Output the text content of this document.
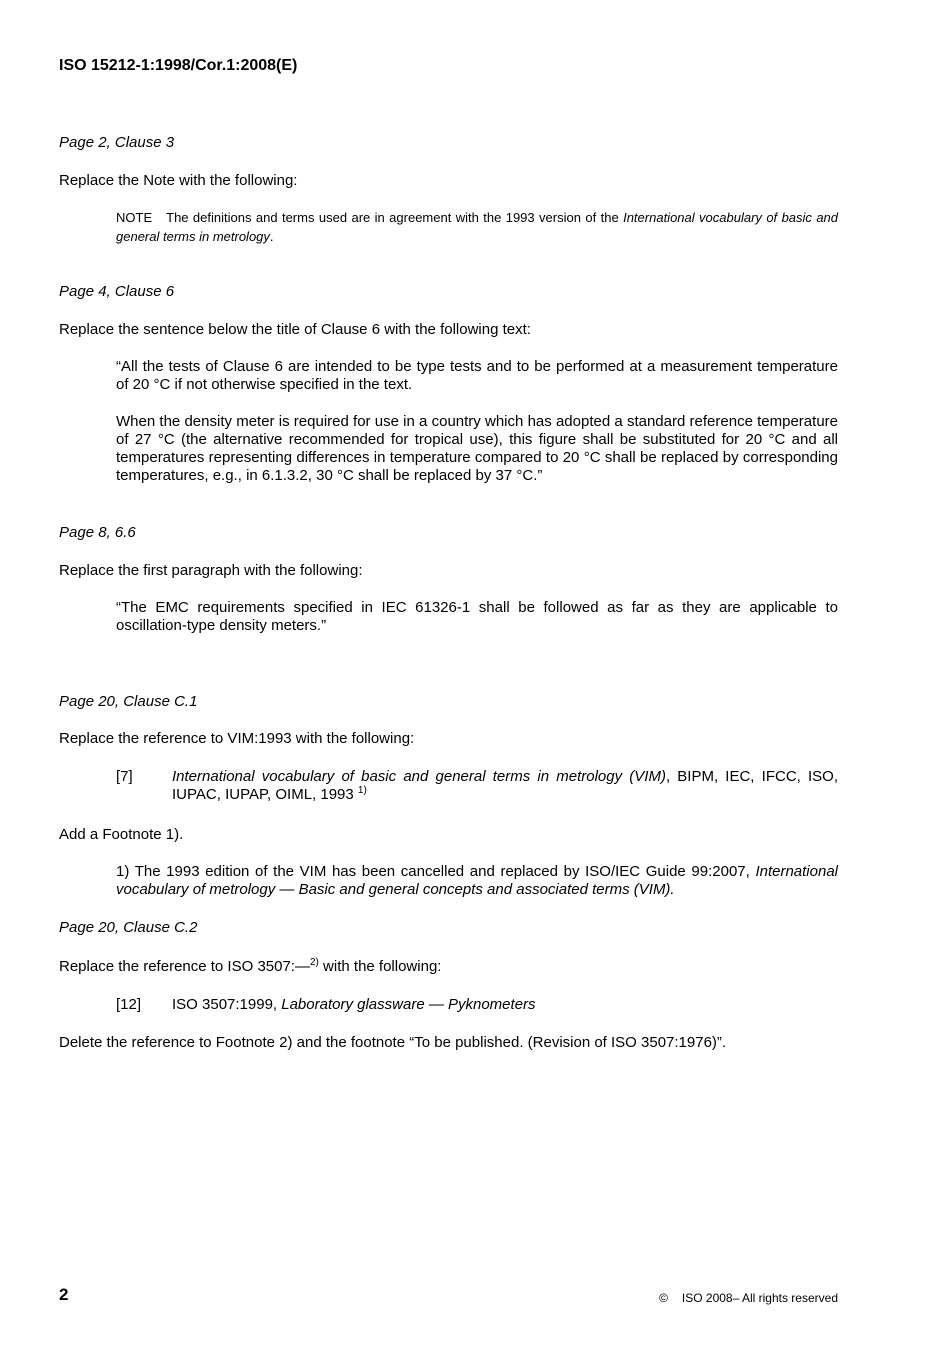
ISO 15212-1:1998/Cor.1:2008(E)
Page 2, Clause 3
Replace the Note with the following:
NOTE The definitions and terms used are in agreement with the 1993 version of the International vocabulary of basic and general terms in metrology.
Page 4, Clause 6
Replace the sentence below the title of Clause 6 with the following text:
“All the tests of Clause 6 are intended to be type tests and to be performed at a measurement temperature of 20 °C if not otherwise specified in the text.
When the density meter is required for use in a country which has adopted a standard reference temperature of 27 °C (the alternative recommended for tropical use), this figure shall be substituted for 20 °C and all temperatures representing differences in temperature compared to 20 °C shall be replaced by corresponding temperatures, e.g., in 6.1.3.2, 30 °C shall be replaced by 37 °C.”
Page 8, 6.6
Replace the first paragraph with the following:
“The EMC requirements specified in IEC 61326-1 shall be followed as far as they are applicable to oscillation-type density meters.”
Page 20, Clause C.1
Replace the reference to VIM:1993 with the following:
[7]	International vocabulary of basic and general terms in metrology (VIM), BIPM, IEC, IFCC, ISO, IUPAC, IUPAP, OIML, 1993 $^{1)}$
Add a Footnote 1).
1) The 1993 edition of the VIM has been cancelled and replaced by ISO/IEC Guide 99:2007, International vocabulary of metrology — Basic and general concepts and associated terms (VIM).
Page 20, Clause C.2
Replace the reference to ISO 3507:—$^{2)}$ with the following:
[12] ISO 3507:1999, Laboratory glassware — Pyknometers
Delete the reference to Footnote 2) and the footnote “To be published. (Revision of ISO 3507:1976)”.
2	© ISO 2008– All rights reserved
